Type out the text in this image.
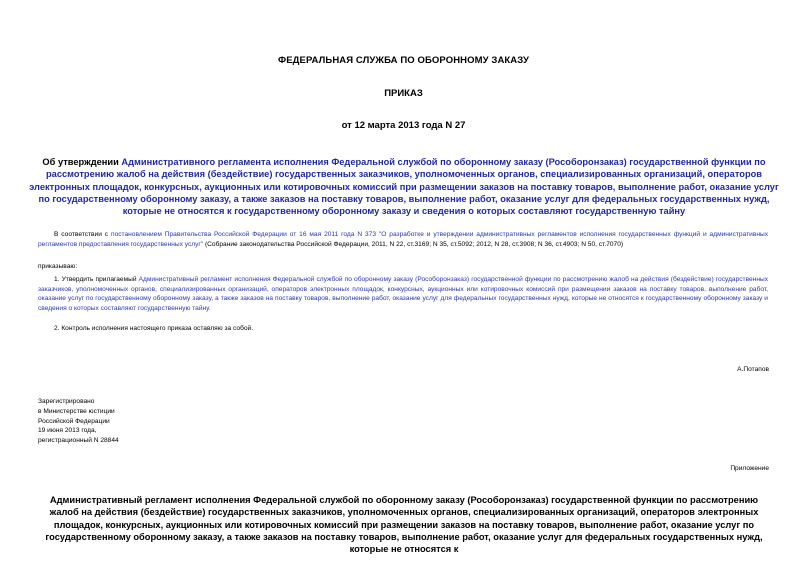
ФЕДЕРАЛЬНАЯ СЛУЖБА ПО ОБОРОННОМУ ЗАКАЗУ
ПРИКАЗ
от 12 марта 2013 года N 27
Об утверждении Административного регламента исполнения Федеральной службой по оборонному заказу (Рособоронзаказ) государственной функции по рассмотрению жалоб на действия (бездействие) государственных заказчиков, уполномоченных органов, специализированных организаций, операторов электронных площадок, конкурсных, аукционных или котировочных комиссий при размещении заказов на поставку товаров, выполнение работ, оказание услуг по государственному оборонному заказу, а также заказов на поставку товаров, выполнение работ, оказание услуг для федеральных государственных нужд, которые не относятся к государственному оборонному заказу и сведения о которых составляют государственную тайну
В соответствии с постановлением Правительства Российской Федерации от 16 мая 2011 года N 373 "О разработке и утверждении административных регламентов исполнения государственных функций и административных регламентов предоставления государственных услуг" (Собрание законодательства Российской Федерации, 2011, N 22, ст.3169; N 35, ст.5092; 2012, N 28, ст.3908; N 36, ст.4903; N 50, ст.7070)
приказываю:
1. Утвердить прилагаемый Административный регламент исполнения Федеральной службой по оборонному заказу (Рособоронзаказ) государственной функции по рассмотрению жалоб на действия (бездействие) государственных заказчиков, уполномоченных органов, специализированных организаций, операторов электронных площадок, конкурсных, аукционных или котировочных комиссий при размещении заказов на поставку товаров, выполнение работ, оказание услуг по государственному оборонному заказу, а также заказов на поставку товаров, выполнение работ, оказание услуг для федеральных государственных нужд, которые не относятся к государственному оборонному заказу и сведения о которых составляют государственную тайну.
2. Контроль исполнения настоящего приказа оставляю за собой.
А.Потапов
Зарегистрировано
в Министерстве юстиции
Российской Федерации
19 июня 2013 года,
регистрационный N 28844
Приложение
Административный регламент исполнения Федеральной службой по оборонному заказу (Рособоронзаказ) государственной функции по рассмотрению жалоб на действия (бездействие) государственных заказчиков, уполномоченных органов, специализированных организаций, операторов электронных площадок, конкурсных, аукционных или котировочных комиссий при размещении заказов на поставку товаров, выполнение работ, оказание услуг по государственному оборонному заказу, а также заказов на поставку товаров, выполнение работ, оказание услуг для федеральных государственных нужд, которые не относятся к
